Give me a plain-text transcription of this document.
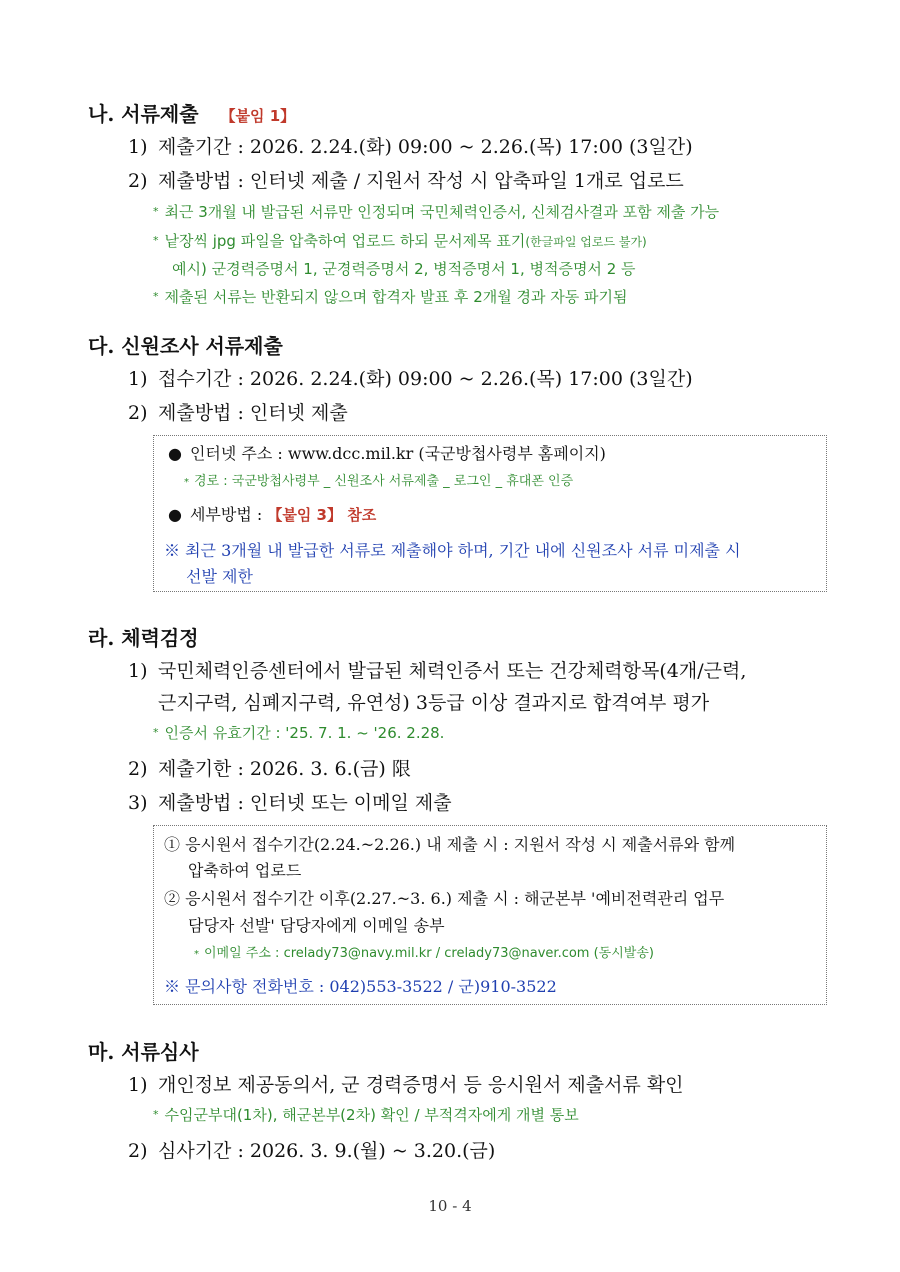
나. 서류제출 【붙임 1】
1) 제출기간 : 2026. 2.24.(화) 09:00 ~ 2.26.(목) 17:00 (3일간)
2) 제출방법 : 인터넷 제출 / 지원서 작성 시 압축파일 1개로 업로드
* 최근 3개월 내 발급된 서류만 인정되며 국민체력인증서, 신체검사결과 포함 제출 가능
* 낱장씩 jpg 파일을 압축하여 업로드 하되 문서제목 표기(한글파일 업로드 불가)
예시) 군경력증명서 1, 군경력증명서 2, 병적증명서 1, 병적증명서 2 등
* 제출된 서류는 반환되지 않으며 합격자 발표 후 2개월 경과 자동 파기됨
다. 신원조사 서류제출
1) 접수기간 : 2026. 2.24.(화) 09:00 ~ 2.26.(목) 17:00 (3일간)
2) 제출방법 : 인터넷 제출
● 인터넷 주소 : www.dcc.mil.kr (국군방첩사령부 홈페이지)
* 경로 : 국군방첩사령부 _ 신원조사 서류제출 _ 로그인 _ 휴대폰 인증
● 세부방법 : 【붙임 3】 참조
※ 최근 3개월 내 발급한 서류로 제출해야 하며, 기간 내에 신원조사 서류 미제출 시
선발 제한
라. 체력검정
1) 국민체력인증센터에서 발급된 체력인증서 또는 건강체력항목(4개/근력,
근지구력, 심폐지구력, 유연성) 3등급 이상 결과지로 합격여부 평가
* 인증서 유효기간 : '25. 7. 1. ~ '26. 2.28.
2) 제출기한 : 2026. 3. 6.(금) 限
3) 제출방법 : 인터넷 또는 이메일 제출
① 응시원서 접수기간(2.24.~2.26.) 내 제출 시 : 지원서 작성 시 제출서류와 함께
압축하여 업로드
② 응시원서 접수기간 이후(2.27.~3. 6.) 제출 시 : 해군본부 '예비전력관리 업무
담당자 선발' 담당자에게 이메일 송부
* 이메일 주소 : crelady73@navy.mil.kr / crelady73@naver.com (동시발송)
※ 문의사항 전화번호 : 042)553-3522 / 군)910-3522
마. 서류심사
1) 개인정보 제공동의서, 군 경력증명서 등 응시원서 제출서류 확인
* 수임군부대(1차), 해군본부(2차) 확인 / 부적격자에게 개별 통보
2) 심사기간 : 2026. 3. 9.(월) ~ 3.20.(금)
10 - 4
